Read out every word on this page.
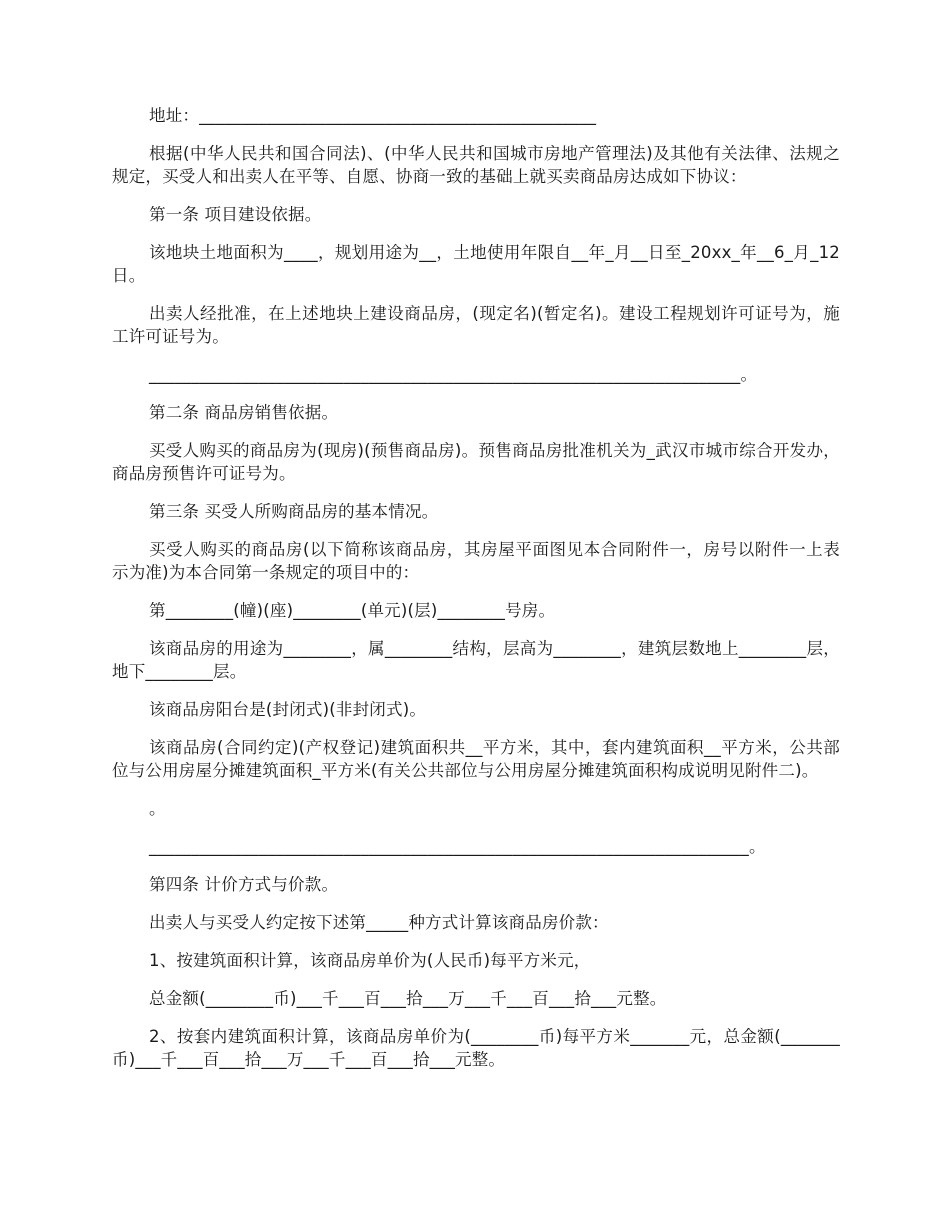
地址：_______________________________________________

根据(中华人民共和国合同法)、(中华人民共和国城市房地产管理法)及其他有关法律、法规之规定，买受人和出卖人在平等、自愿、协商一致的基础上就买卖商品房达成如下协议：

第一条 项目建设依据。

该地块土地面积为____，规划用途为__，土地使用年限自__年_月__日至_20xx_年__6_月_12日。

出卖人经批准，在上述地块上建设商品房，(现定名)(暂定名)。建设工程规划许可证号为，施工许可证号为。

______________________________________________________________________。

第二条 商品房销售依据。

买受人购买的商品房为(现房)(预售商品房)。预售商品房批准机关为_武汉市城市综合开发办，商品房预售许可证号为。

第三条 买受人所购商品房的基本情况。

买受人购买的商品房(以下简称该商品房，其房屋平面图见本合同附件一，房号以附件一上表示为准)为本合同第一条规定的项目中的：

第________(幢)(座)________(单元)(层)________号房。

该商品房的用途为________，属________结构，层高为________，建筑层数地上________层，地下________层。

该商品房阳台是(封闭式)(非封闭式)。

该商品房(合同约定)(产权登记)建筑面积共__平方米，其中，套内建筑面积__平方米，公共部位与公用房屋分摊建筑面积_平方米(有关公共部位与公用房屋分摊建筑面积构成说明见附件二)。

。

_______________________________________________________________________。

第四条 计价方式与价款。

出卖人与买受人约定按下述第_____种方式计算该商品房价款：

1、按建筑面积计算，该商品房单价为(人民币)每平方米元，

总金额(________币)___千___百___拾___万___千___百___拾___元整。

2、按套内建筑面积计算，该商品房单价为(________币)每平方米_______元，总金额(_______币)___千___百___拾___万___千___百___拾___元整。
